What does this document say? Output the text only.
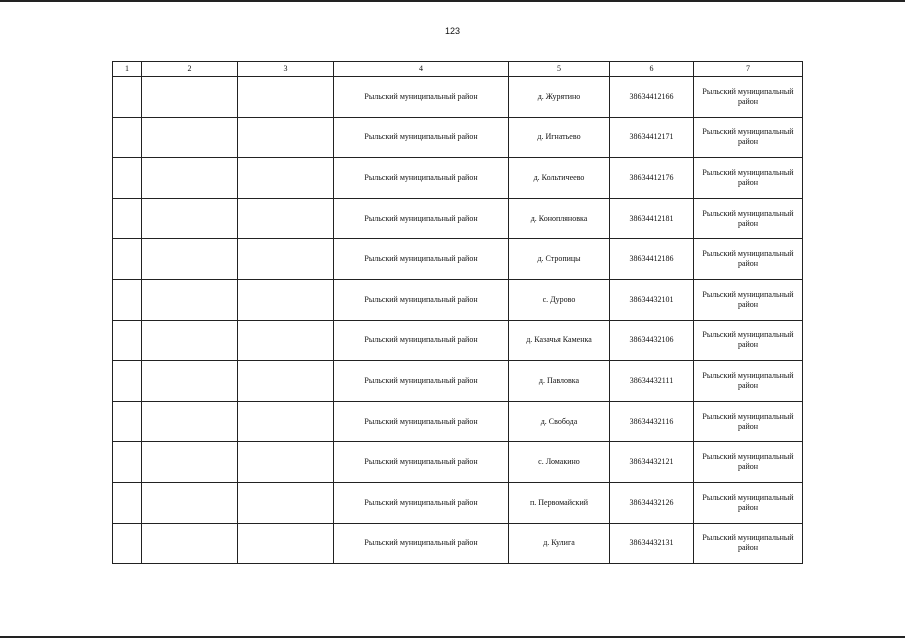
123
1	2	3	4	5	6	7
			Рыльский муниципальный район	д. Журятино	38634412166	Рыльский муниципальный район
			Рыльский муниципальный район	д. Игнатьево	38634412171	Рыльский муниципальный район
			Рыльский муниципальный район	д. Кольтичеево	38634412176	Рыльский муниципальный район
			Рыльский муниципальный район	д. Коноплянoвка	38634412181	Рыльский муниципальный район
			Рыльский муниципальный район	д. Стропицы	38634412186	Рыльский муниципальный район
			Рыльский муниципальный район	с. Дурово	38634432101	Рыльский муниципальный район
			Рыльский муниципальный район	д. Казачья Каменка	38634432106	Рыльский муниципальный район
			Рыльский муниципальный район	д. Павловка	38634432111	Рыльский муниципальный район
			Рыльский муниципальный район	д. Свобода	38634432116	Рыльский муниципальный район
			Рыльский муниципальный район	с. Ломакино	38634432121	Рыльский муниципальный район
			Рыльский муниципальный район	п. Первомайский	38634432126	Рыльский муниципальный район
			Рыльский муниципальный район	д. Кулига	38634432131	Рыльский муниципальный район
